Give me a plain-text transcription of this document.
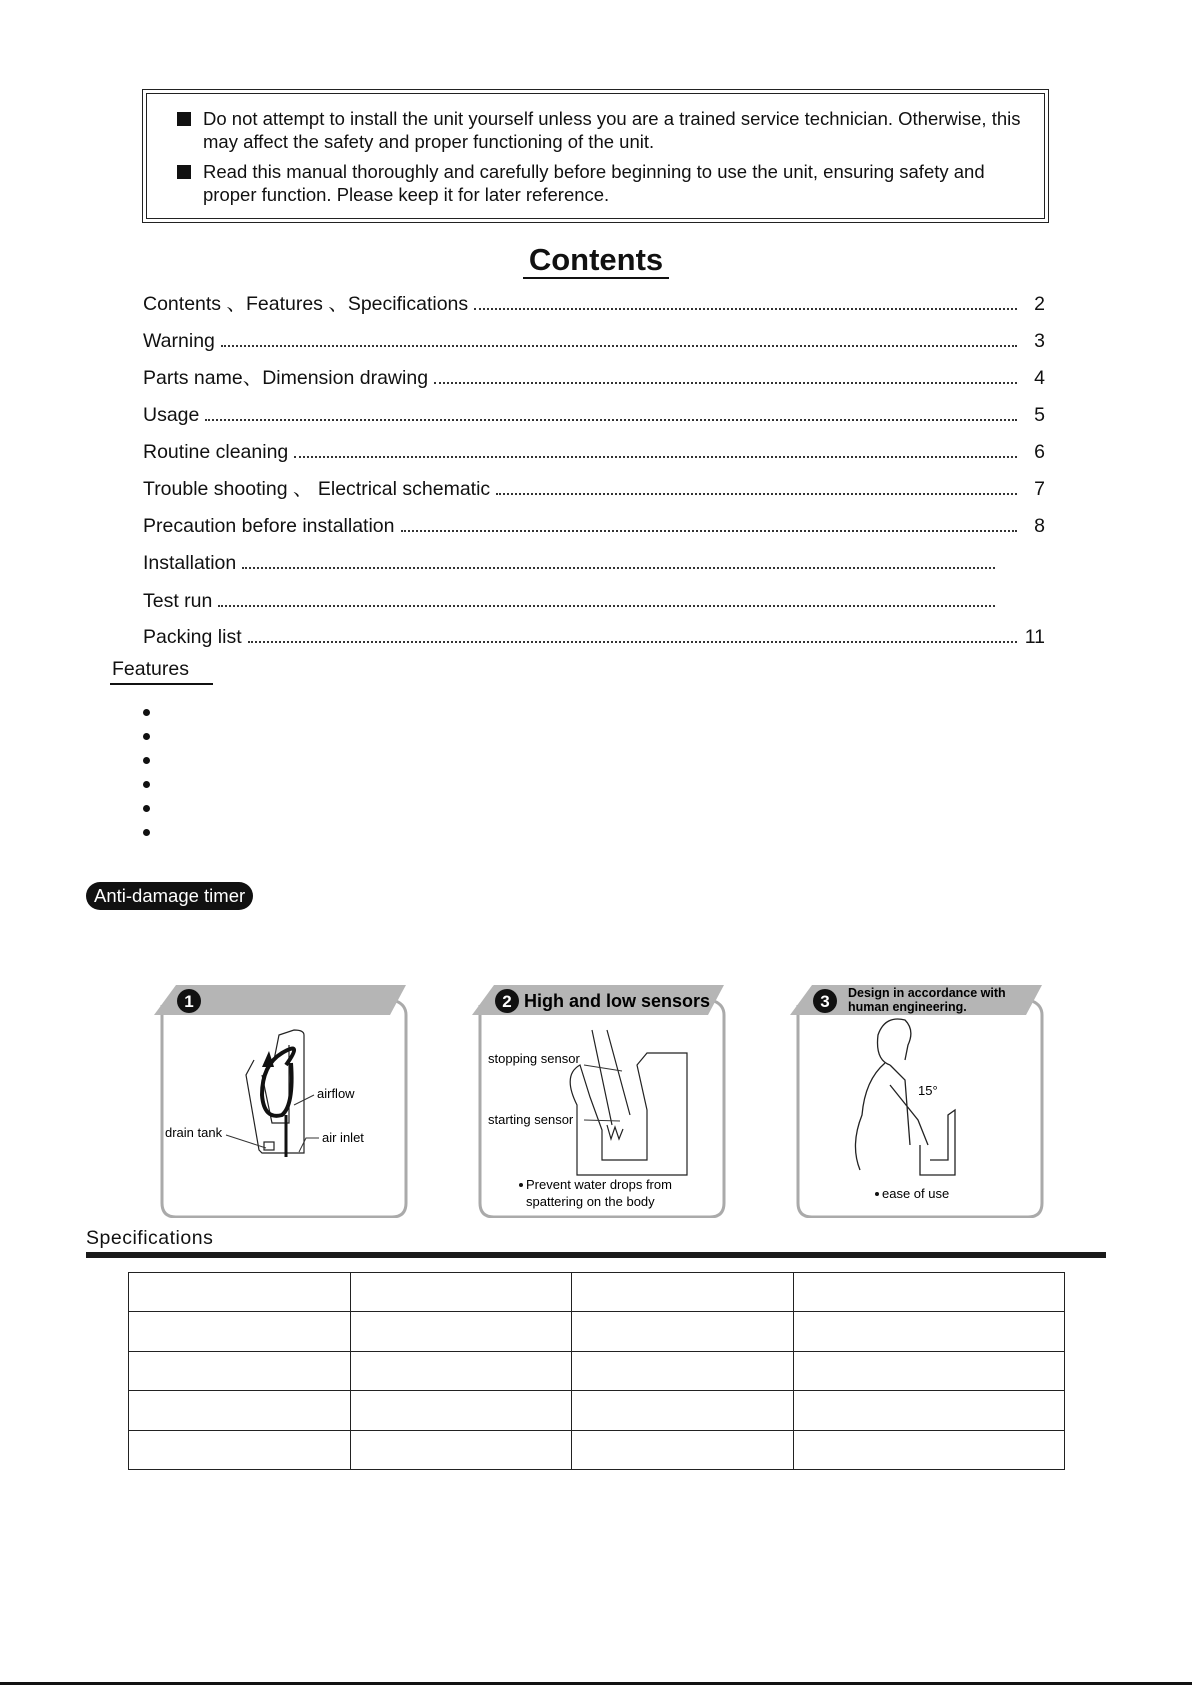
Do not attempt to install the unit yourself unless you are a trained service technician. Otherwise, this may affect the safety and proper functioning of the unit.
Read this manual thoroughly and carefully before beginning to use the unit, ensuring safety and proper function. Please keep it for later reference.
Contents
Contents 、Features 、Specifications	2
Warning	3
Parts name、Dimension drawing	4
Usage	5
Routine cleaning	6
Trouble shooting 、 Electrical schematic	7
Precaution before installation	8
Installation
Test run
Packing list	11
Features
Anti-damage timer
1
airflow
drain tank	air inlet
2 High and low sensors
stopping sensor
starting sensor
Prevent water drops from
spattering on the body
3 Design in accordance with
human engineering.
15°
ease of use
Specifications
